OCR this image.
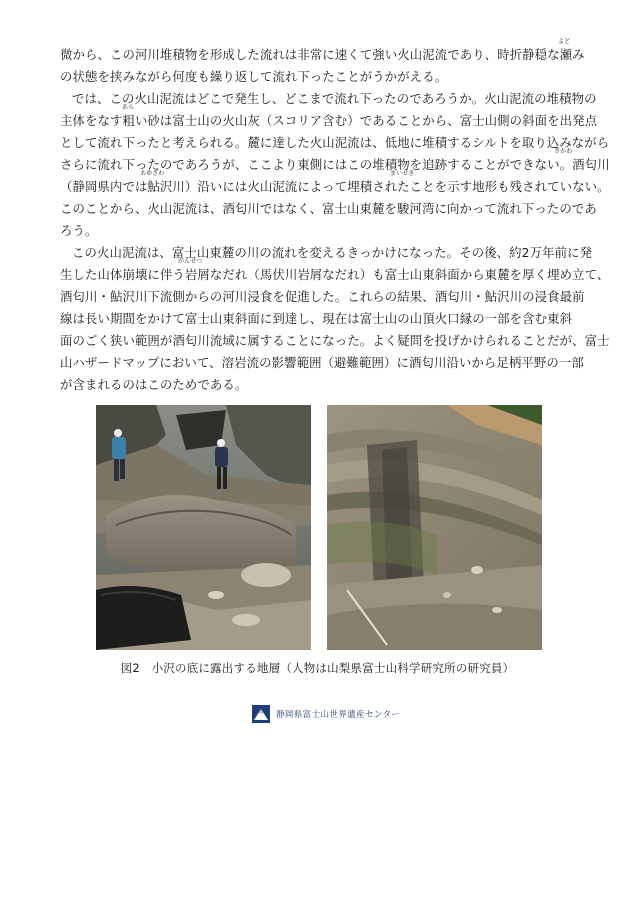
微から、この河川堆積物を形成した流れは非常に速くて強い火山泥流であり、時折静穏な瀬み
よど
の状態を挟みながら何度も繰り返して流れ下ったことがうかがえる。
では、この火山泥流はどこで発生し、どこまで流れ下ったのであろうか。火山泥流の堆積物の
主体をなす粗い砂は富士山の火山灰（スコリア含む）であることから、富士山側の斜面を出発点
あら
として流れ下ったと考えられる。麓に達した火山泥流は、低地に堆積するシルトを取り込みながら
さらに流れ下ったのであろうが、ここより東側にはこの堆積物を追跡することができない。酒匂川
さかわ
（静岡県内では鮎沢川）沿いには火山泥流によって埋積されたことを示す地形も残されていない。
あゆざわ	まいせき
このことから、火山泥流は、酒匂川ではなく、富士山東麓を駿河湾に向かって流れ下ったのであ
ろう。
この火山泥流は、富士山東麓の川の流れを変えるきっかけになった。その後、約2万年前に発
生した山体崩壊に伴う岩屑なだれ（馬伏川岩屑なだれ）も富士山東斜面から東麓を厚く埋め立て、
がんせつ
酒匂川・鮎沢川下流側からの河川浸食を促進した。これらの結果、酒匂川・鮎沢川の浸食最前
線は長い期間をかけて富士山東斜面に到達し、現在は富士山の山頂火口縁の一部を含む東斜
面のごく狭い範囲が酒匂川流域に属することになった。よく疑問を投げかけられることだが、富士
山ハザードマップにおいて、溶岩流の影響範囲（避難範囲）に酒匂川沿いから足柄平野の一部
が含まれるのはこのためである。
図2　小沢の底に露出する地層（人物は山梨県富士山科学研究所の研究員）
静岡県富士山世界遺産センター
